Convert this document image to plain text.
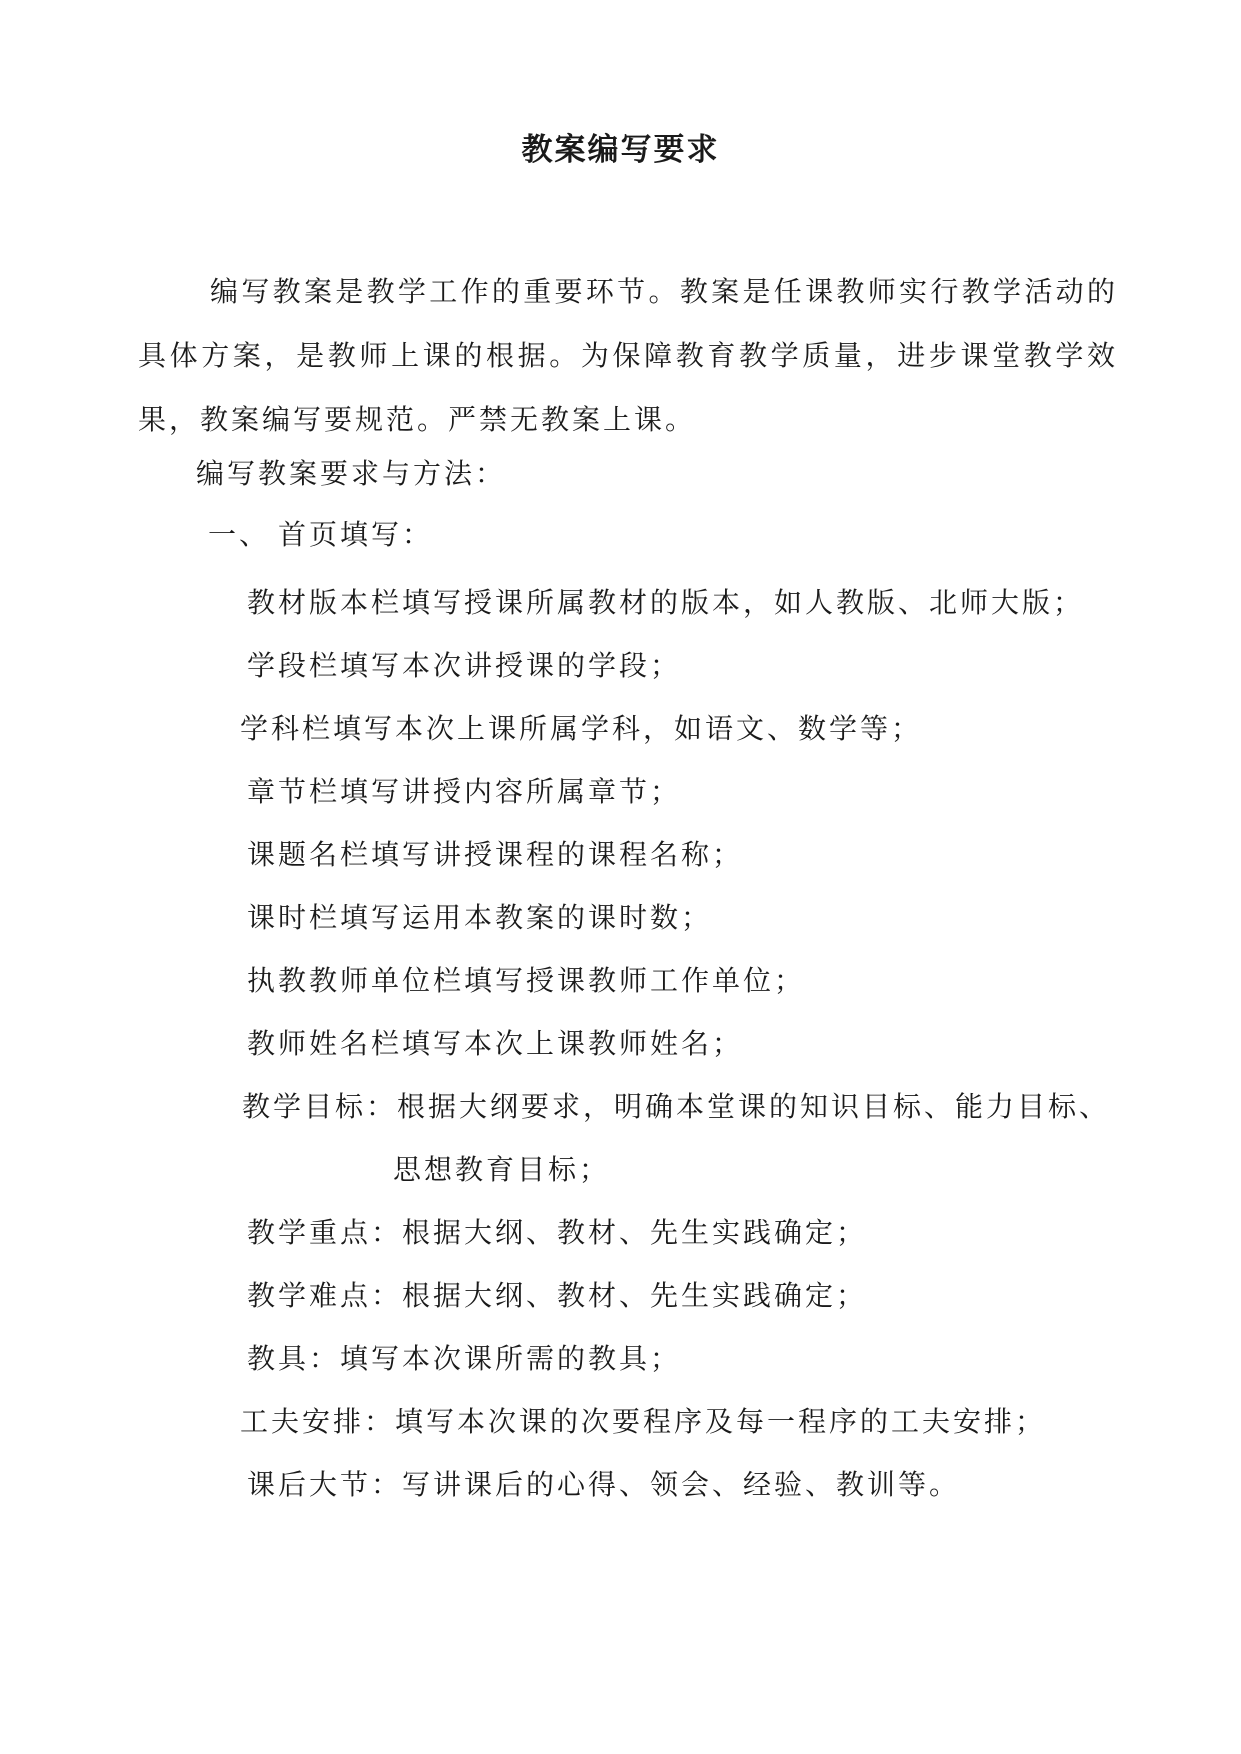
教案编写要求
编写教案是教学工作的重要环节。教案是任课教师实行教学活动的具体方案，是教师上课的根据。为保障教育教学质量，进步课堂教学效果，教案编写要规范。严禁无教案上课。
编写教案要求与方法：
一、 首页填写：
教材版本栏填写授课所属教材的版本，如人教版、北师大版；
学段栏填写本次讲授课的学段；
学科栏填写本次上课所属学科，如语文、数学等；
章节栏填写讲授内容所属章节；
课题名栏填写讲授课程的课程名称；
课时栏填写运用本教案的课时数；
执教教师单位栏填写授课教师工作单位；
教师姓名栏填写本次上课教师姓名；
教学目标：根据大纲要求，明确本堂课的知识目标、能力目标、
思想教育目标；
教学重点：根据大纲、教材、先生实践确定；
教学难点：根据大纲、教材、先生实践确定；
教具：填写本次课所需的教具；
工夫安排：填写本次课的次要程序及每一程序的工夫安排；
课后大节：写讲课后的心得、领会、经验、教训等。
